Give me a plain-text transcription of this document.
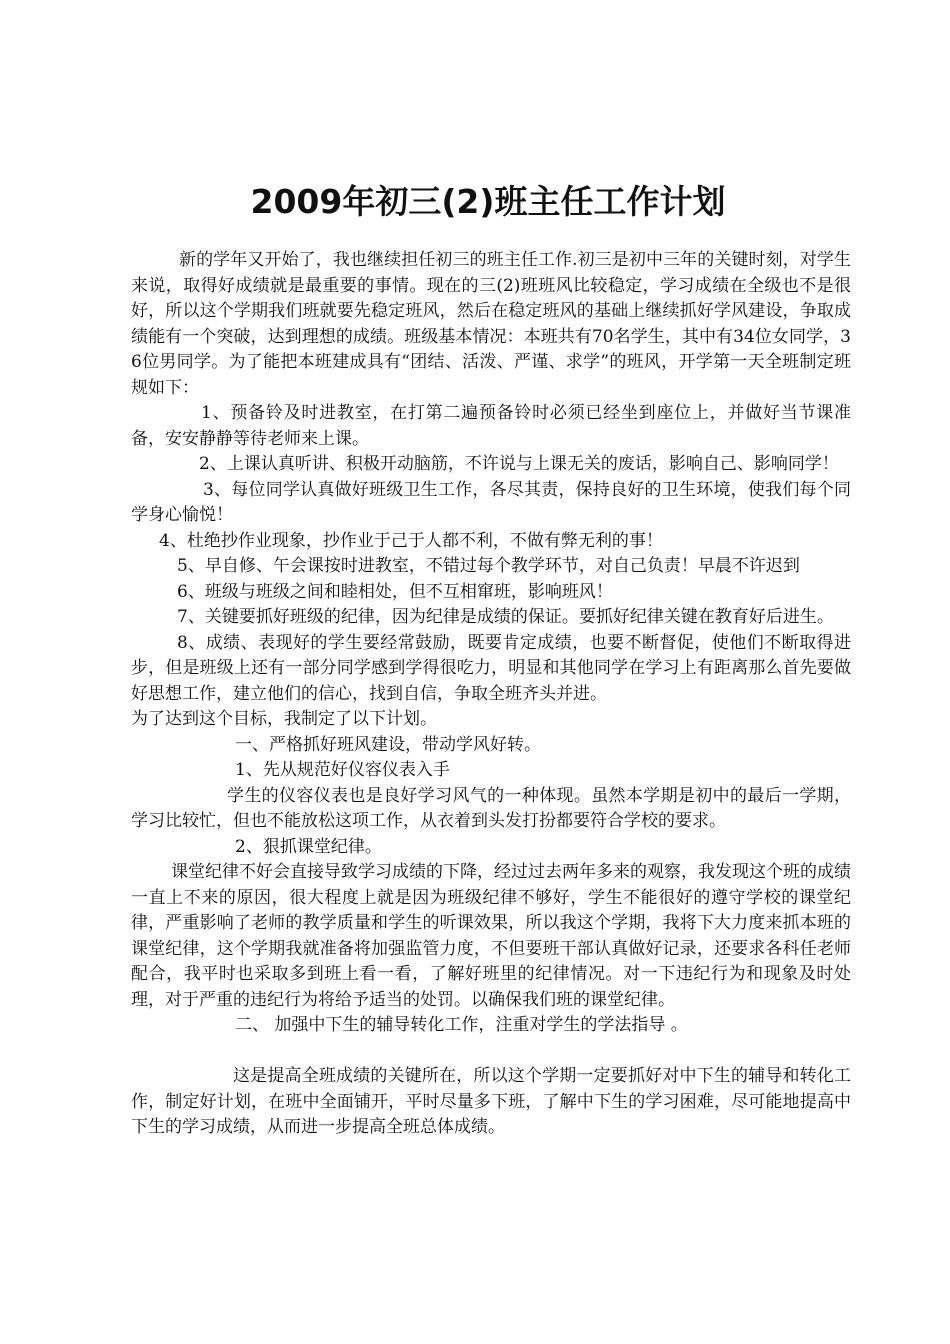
2009年初三(2)班主任工作计划

新的学年又开始了，我也继续担任初三的班主任工作.初三是初中三年的关键时刻，对学生来说，取得好成绩就是最重要的事情。现在的三(2)班班风比较稳定，学习成绩在全级也不是很好，所以这个学期我们班就要先稳定班风，然后在稳定班风的基础上继续抓好学风建设，争取成绩能有一个突破，达到理想的成绩。班级基本情况：本班共有70名学生，其中有34位女同学，36位男同学。为了能把本班建成具有“团结、活泼、严谨、求学”的班风，开学第一天全班制定班规如下：

1、预备铃及时进教室，在打第二遍预备铃时必须已经坐到座位上，并做好当节课准备，安安静静等待老师来上课。

2、上课认真听讲、积极开动脑筋，不许说与上课无关的废话，影响自己、影响同学！

3、每位同学认真做好班级卫生工作，各尽其责，保持良好的卫生环境，使我们每个同学身心愉悦！

4、杜绝抄作业现象，抄作业于己于人都不利，不做有弊无利的事！

5、早自修、午会课按时进教室，不错过每个教学环节，对自己负责！早晨不许迟到

6、班级与班级之间和睦相处，但不互相窜班，影响班风！

7、关键要抓好班级的纪律，因为纪律是成绩的保证。要抓好纪律关键在教育好后进生。

8、成绩、表现好的学生要经常鼓励，既要肯定成绩，也要不断督促，使他们不断取得进步，但是班级上还有一部分同学感到学得很吃力，明显和其他同学在学习上有距离那么首先要做好思想工作，建立他们的信心，找到自信，争取全班齐头并进。

为了达到这个目标，我制定了以下计划。

一、严格抓好班风建设，带动学风好转。

1、先从规范好仪容仪表入手

学生的仪容仪表也是良好学习风气的一种体现。虽然本学期是初中的最后一学期，学习比较忙，但也不能放松这项工作，从衣着到头发打扮都要符合学校的要求。

2、狠抓课堂纪律。

课堂纪律不好会直接导致学习成绩的下降，经过过去两年多来的观察，我发现这个班的成绩一直上不来的原因，很大程度上就是因为班级纪律不够好，学生不能很好的遵守学校的课堂纪律，严重影响了老师的教学质量和学生的听课效果，所以我这个学期，我将下大力度来抓本班的课堂纪律，这个学期我就准备将加强监管力度，不但要班干部认真做好记录，还要求各科任老师配合，我平时也采取多到班上看一看，了解好班里的纪律情况。对一下违纪行为和现象及时处理，对于严重的违纪行为将给予适当的处罚。以确保我们班的课堂纪律。

二、 加强中下生的辅导转化工作，注重对学生的学法指导 。

这是提高全班成绩的关键所在，所以这个学期一定要抓好对中下生的辅导和转化工作，制定好计划，在班中全面铺开，平时尽量多下班，了解中下生的学习困难，尽可能地提高中下生的学习成绩，从而进一步提高全班总体成绩。
